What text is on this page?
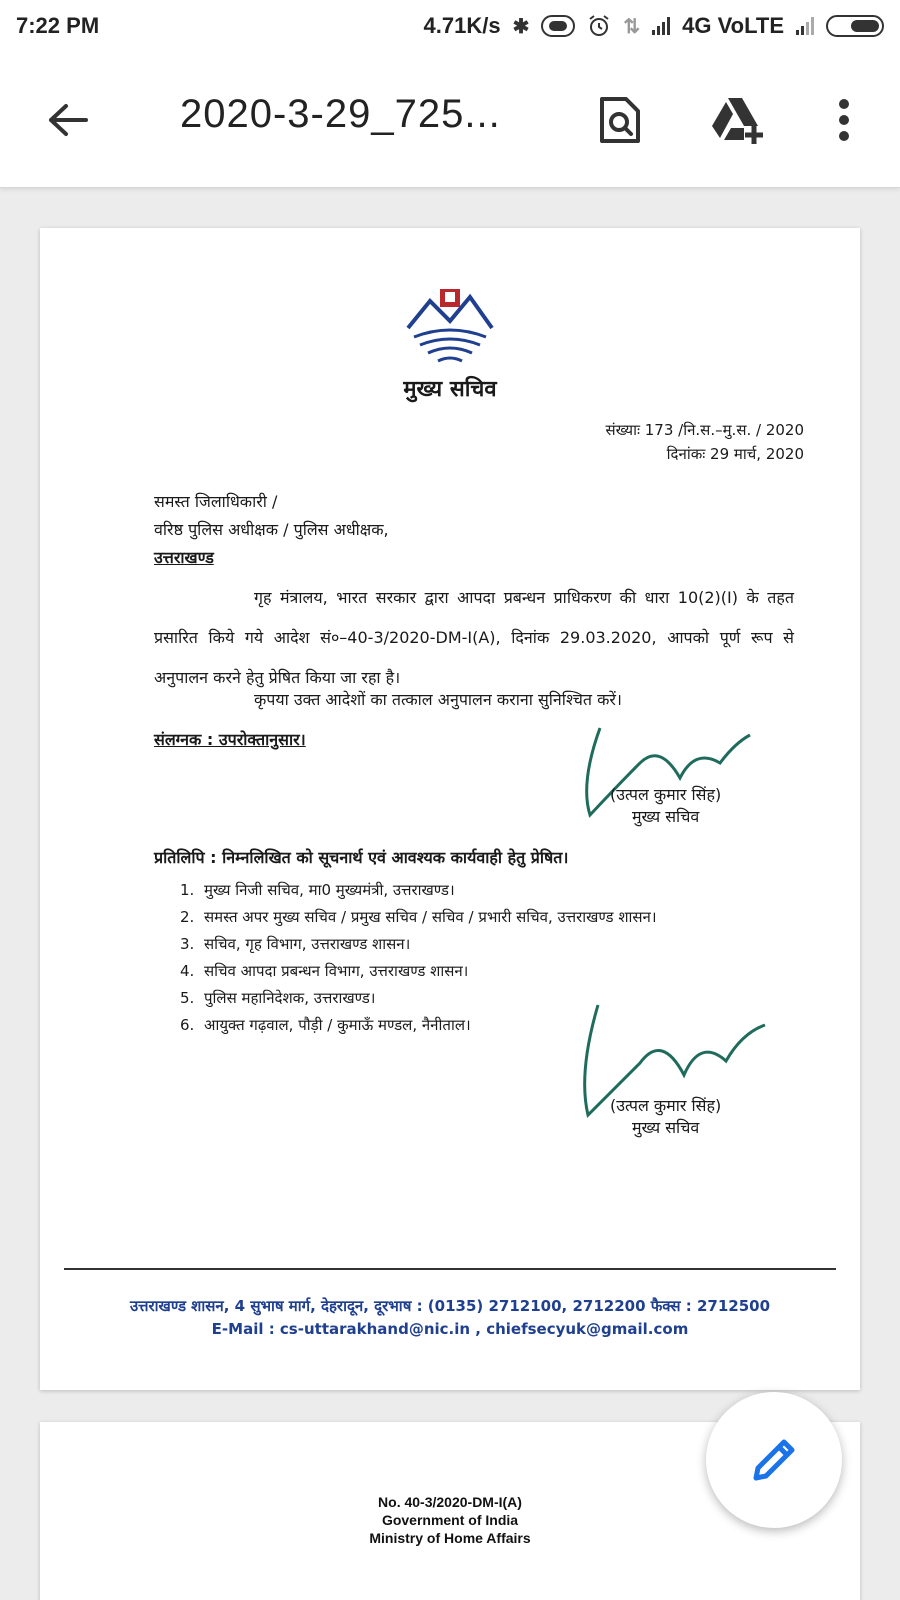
7:22 PM	4.71K/s ✱	⇅ 4G VoLTE
2020-3-29_725...
मुख्य सचिव
संख्याः 173 /नि.स.–मु.स. / 2020
दिनांकः 29 मार्च, 2020
समस्त जिलाधिकारी /
वरिष्ठ पुलिस अधीक्षक / पुलिस अधीक्षक,
उत्तराखण्ड
गृह मंत्रालय, भारत सरकार द्वारा आपदा प्रबन्धन प्राधिकरण की धारा 10(2)(I) के तहत प्रसारित किये गये आदेश सं०–40-3/2020-DM-I(A), दिनांक 29.03.2020, आपको पूर्ण रूप से अनुपालन करने हेतु प्रेषित किया जा रहा है।
कृपया उक्त आदेशों का तत्काल अनुपालन कराना सुनिश्चित करें।
संलग्नक : उपरोक्तानुसार।
(उत्पल कुमार सिंह)
मुख्य सचिव
प्रतिलिपि : निम्नलिखित को सूचनार्थ एवं आवश्यक कार्यवाही हेतु प्रेषित।
1. मुख्य निजी सचिव, मा0 मुख्यमंत्री, उत्तराखण्ड।
2. समस्त अपर मुख्य सचिव / प्रमुख सचिव / सचिव / प्रभारी सचिव, उत्तराखण्ड शासन।
3. सचिव, गृह विभाग, उत्तराखण्ड शासन।
4. सचिव आपदा प्रबन्धन विभाग, उत्तराखण्ड शासन।
5. पुलिस महानिदेशक, उत्तराखण्ड।
6. आयुक्त गढ़वाल, पौड़ी / कुमाऊँ मण्डल, नैनीताल।
(उत्पल कुमार सिंह)
मुख्य सचिव
उत्तराखण्ड शासन, 4 सुभाष मार्ग, देहरादून, दूरभाष : (0135) 2712100, 2712200 फैक्स : 2712500
E-Mail : cs-uttarakhand@nic.in , chiefsecyuk@gmail.com
No. 40-3/2020-DM-I(A)
Government of India
Ministry of Home Affairs
